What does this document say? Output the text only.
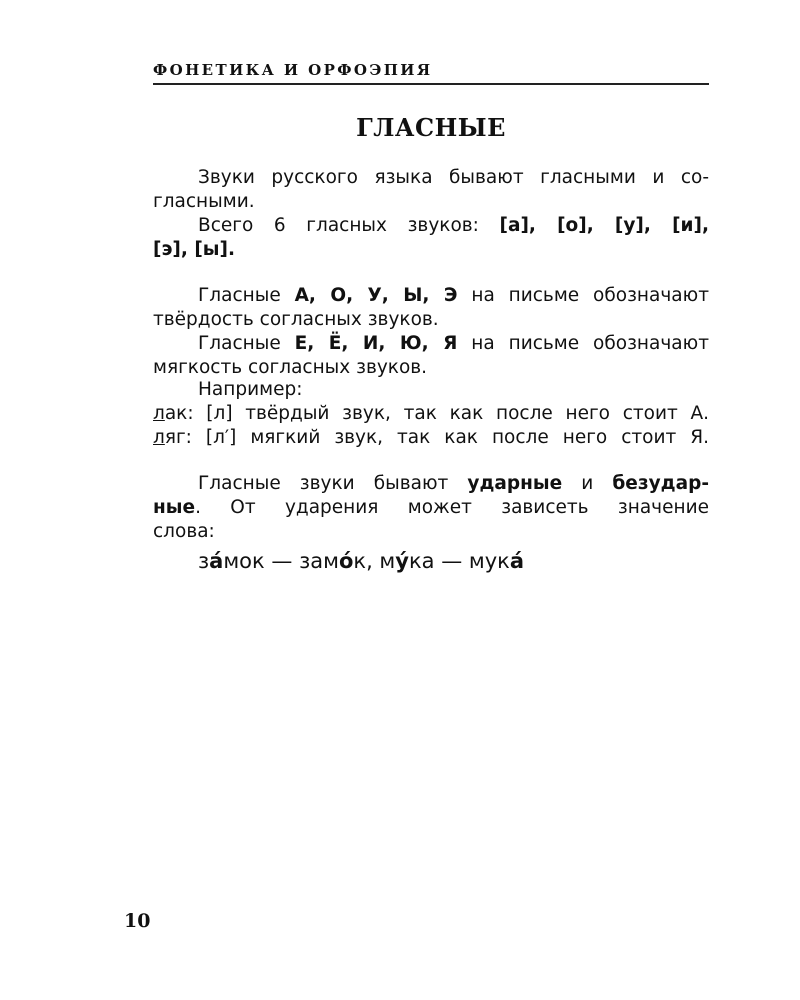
ФОНЕТИКА И ОРФОЭПИЯ
ГЛАСНЫЕ
Звуки русского языка бывают гласными и со-
гласными.
Всего 6 гласных звуков: [а], [о], [у], [и],
[э], [ы].
Гласные А, О, У, Ы, Э на письме обозначают
твёрдость согласных звуков.
Гласные Е, Ё, И, Ю, Я на письме обозначают
мягкость согласных звуков.
Например:
лак: [л] твёрдый звук, так как после него стоит А.
ляг: [л′] мягкий звук, так как после него стоит Я.
Гласные звуки бывают ударные и безудар-
ные. От ударения может зависеть значение
слова:
за́мок — замо́к, му́ка — мука́
10
